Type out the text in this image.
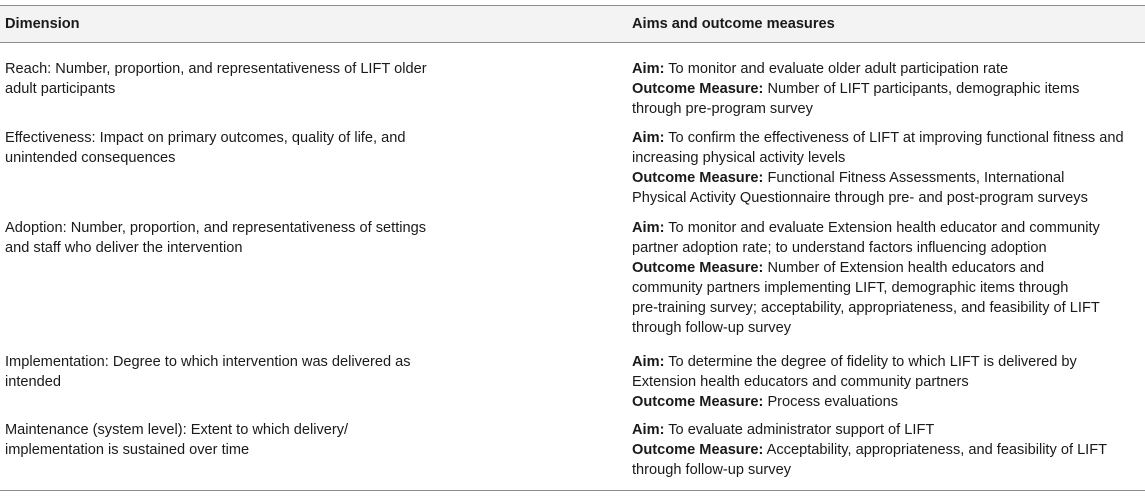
Dimension	Aims and outcome measures
Reach: Number, proportion, and representativeness of LIFT older
adult participants
Aim: To monitor and evaluate older adult participation rate
Outcome Measure: Number of LIFT participants, demographic items
through pre-program survey
Effectiveness: Impact on primary outcomes, quality of life, and
unintended consequences
Aim: To confirm the effectiveness of LIFT at improving functional fitness and
increasing physical activity levels
Outcome Measure: Functional Fitness Assessments, International
Physical Activity Questionnaire through pre- and post-program surveys
Adoption: Number, proportion, and representativeness of settings
and staff who deliver the intervention
Aim: To monitor and evaluate Extension health educator and community
partner adoption rate; to understand factors influencing adoption
Outcome Measure: Number of Extension health educators and
community partners implementing LIFT, demographic items through
pre-training survey; acceptability, appropriateness, and feasibility of LIFT
through follow-up survey
Implementation: Degree to which intervention was delivered as
intended
Aim: To determine the degree of fidelity to which LIFT is delivered by
Extension health educators and community partners
Outcome Measure: Process evaluations
Maintenance (system level): Extent to which delivery/
implementation is sustained over time
Aim: To evaluate administrator support of LIFT
Outcome Measure: Acceptability, appropriateness, and feasibility of LIFT
through follow-up survey
